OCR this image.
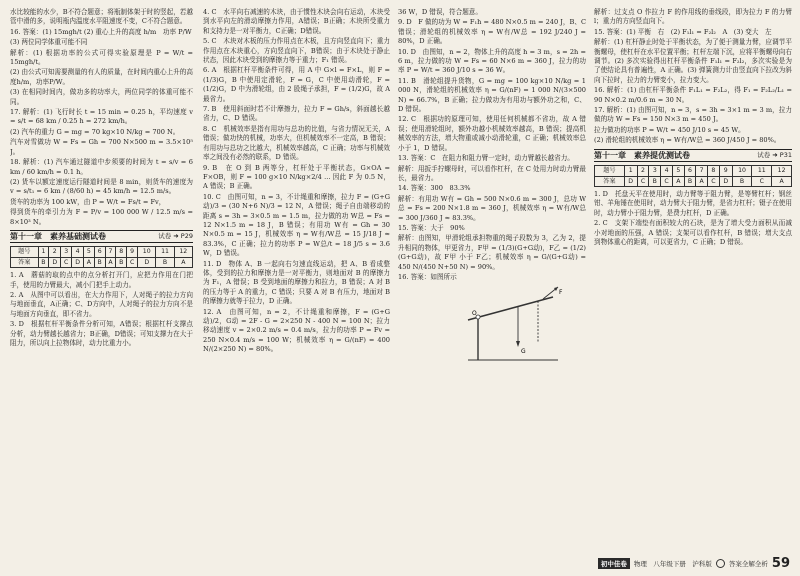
水比较能的水少，B不符合题意；将瓶制体架于时的竖起，若越管中滑的多，说明瓶内温度水平阻速度不变，C不符合题意。

16. 答案：(1) 15mgh/t (2) 重心上升的高度 h/m　功率 P/W

(3) 两位同学体重可能不同

解析：(1) 根据功率的公式可得实验原理是 P = W/t = 15mgh/t。

(2) 由公式可知需要测量的有人的质量，在时间内重心上升的高度h/m，功率P/W。

(3) 在相同时间内，做功多的功率大，两位同学的体重可能不同。

17. 解析：(1) 飞行时长 t = 15 min = 0.25 h，平均速度 v = s/t = 68 km / 0.25 h = 272 km/h。

(2) 汽车的重力 G = mg = 70 kg×10 N/kg = 700 N。

汽车对雪做功 W = Fs = Gh = 700 N×500 m = 3.5×10⁵ J。

18. 解析：(1) 汽车通过隧道中步须要的时间为 t = s/v = 6 km / 60 km/h = 0.1 h。

(2) 货车以额定速度运行隧道时间是 8 min，则货车的速度为 v = s/t₁ = 6 km / (8/60 h) = 45 km/h = 12.5 m/s。

货车的功率为 100 kW，由 P = W/t = Fs/t = Fv，

得到货车的牵引力为 F = P/v = 100 000 W / 12.5 m/s = 8×10³ N。

第十一章　素养基础测试卷	试卷 ➜ P29
题号	1	2	3	4	5	6	7	8	9	10	11	12
答案	B	D	C	D	A	B	A	B	C	D	B	A

1. A　蘑菇的取的点中的点分析打开门，应把力作用在门把手，使用的力臂最大，减小门把手上动力。

2. A　从图中可以看出，在大力作用下，人对绳子的拉力方向与地面垂直，A正确；C、D方向中，人对绳子的拉力方向不是与地面方向垂直，即不省力。

3. D　根据杠杆平衡条件分析可知，A错误；根据杠杆支撑点分析，动力臂越长越省力；B正确，D错误；可知支撑力在大于阻力，所以向上拉物体时，动力比重力小。

4. C　水平向右减速的木块，由于惯性木块会向右运动，木块受到水平向左的滑动摩擦力作用，A错误；B正确；木块所受重力和支持力是一对平衡力，C正确；D错误。

5. C　木块对木板的压力作用点在木板，且方向竖直向下；重力作用点在木块重心，方向竖直向下，B错误；由于木块处于静止状态，因此木块受到的摩擦力等于重力；F₁ 错误。

6. A　根据杠杆平衡条件可得，用 A 中 G×l = F×L，则 F = (1/3)G，B 中使用定滑轮，F = G，C 中使用动滑轮，F = (1/2)G，D 中为滑轮组，由 2 股绳子承担，F = (1/2)G，故 A 最省力。

7. B　使用斜面时若不计摩擦力，拉力 F = Gh/s，斜面越长越省力，C、D 错误。

8. C　机械效率是指有用功与总功的比值，与省力情况无关，A 错误；做功快的机械，功率大，但机械效率不一定高，B 错误；有用功与总功之比越大，机械效率越高，C 正确；功率与机械效率之间没有必然的联系，D 错误。

9. B　在 O 到 B 两等分，杠杆处于平衡状态，G×OA = F×OB，则 F = 100 g×10 N/kg×2/4 ... 因此 F 为 0.5 N，A 错误；B 正确。

10. C　由图可知，n = 3，不计绳重和摩擦，拉力 F = (G+G动)/3 = (30 N+6 N)/3 = 12 N，A 错误；绳子自由端移动的距离 s = 3h = 3×0.5 m = 1.5 m，拉力做的功 W总 = Fs = 12 N×1.5 m = 18 J，B 错误；有用功 W有 = Gh = 30 N×0.5 m = 15 J，机械效率 η = W有/W总 = 15 J/18 J ≈ 83.3%，C 正确；拉力的功率 P = W总/t = 18 J/5 s = 3.6 W，D 错误。

11. D　物体 A、B 一起向右匀速直线运动，把 A、B 看成整体，受到的拉力和摩擦力是一对平衡力，则地面对 B 的摩擦力为 F₁，A 错误；B 受到地面的摩擦力和拉力，B 错误；A 对 B 的压力等于 A 的重力，C 错误；只要 A 对 B 有压力，地面对 B 的摩擦力就等于拉力，D 正确。

12. A　由图可知，n = 2，不计绳重和摩擦，F = (G+G动)/2，G动 = 2F - G = 2×250 N - 400 N = 100 N；拉力移动速度 v = 2×0.2 m/s = 0.4 m/s，拉力的功率 P = Fv = 250 N×0.4 m/s = 100 W；机械效率 η = G/(nF) = 400 N/(2×250 N) = 80%。

36 W，D 错误，符合题意。

9. D　F 做的功为 W = F₁h = 480 N×0.5 m = 240 J，B、C 错误；滑轮组的机械效率 η = W有/W总 = 192 J/240 J = 80%，D 正确。

10. D　由图知，n = 2，物体上升的高度 h = 3 m，s = 2h = 6 m，拉力做的功 W = Fs = 60 N×6 m = 360 J，拉力的功率 P = W/t = 360 J/10 s = 36 W。

11. B　滑轮组提升货物，G = mg = 100 kg×10 N/kg = 1 000 N，滑轮组的机械效率 η = G/(nF) = 1 000 N/(3×500 N) ≈ 66.7%，B 正确；拉力做功为有用功与额外功之和，C、D 错误。

12. C　根据功的原理可知，使用任何机械都不省功，故 A 错误；使用滑轮组时，额外功越小机械效率越高，B 错误；提高机械效率的方法，增大物重或减小动滑轮重，C 正确；机械效率总小于 1，D 错误。

13. 答案：C　在阻力和阻力臂一定时，动力臂越长越省力。

解析：用扳手拧螺母时，可以看作杠杆，在 C 处用力时动力臂最长，最省力。

14. 答案：300　83.3%

解析：有用功 W有 = Gh = 500 N×0.6 m = 300 J，总功 W总 = Fs = 200 N×1.8 m = 360 J，机械效率 η = W有/W总 = 300 J/360 J ≈ 83.3%。

15. 答案：大于　90%

解析：由图知，甲滑轮组承担物重的绳子段数为 3，乙为 2，提升相同的物体，甲更省力，F甲 = (1/3)(G+G动)，F乙 = (1/2)(G+G动)，故 F甲 小于 F乙；机械效率 η = G/(G+G动) = 450 N/(450 N+50 N) = 90%。

16. 答案：如图所示

O
F
G

解析：过支点 O 作拉力 F 的作用线的垂线段，即为拉力 F 的力臂 l；重力的方向竖直向下。

15. 答案：(1) 平衡　右　(2) F₁l₁ = F₂l₂　A　(3) 变大　左

解析：(1) 杠杆静止时处于平衡状态，为了便于测量力臂，应调节平衡螺母，使杠杆在水平位置平衡；杠杆左端下沉，应将平衡螺母向右调节。(2) 多次实验得出杠杆平衡条件 F₁l₁ = F₂l₂，多次实验是为了使结论具有普遍性，A 正确。(3) 弹簧测力计由竖直向下拉改为斜向下拉时，拉力的力臂变小，拉力变大。

16. 解析：(1) 由杠杆平衡条件 F₁L₁ = F₂L₂，得 F₁ = F₂L₂/L₁ = 90 N×0.2 m/0.6 m = 30 N。

17. 解析：(1) 由图可知，n = 3，s = 3h = 3×1 m = 3 m，拉力做的功 W = Fs = 150 N×3 m = 450 J。

拉力做功的功率 P = W/t = 450 J/10 s = 45 W。

(2) 滑轮组的机械效率 η = W有/W总 = 360 J/450 J = 80%。

第十一章　素养提优测试卷	试卷 ➜ P31
题号	1	2	3	4	5	6	7	8	9	10	11	12
答案	D	C	B	C	A	B	A	C	D	B	C	A

1. D　托盘天平在使用时，动力臂等于阻力臂，是等臂杠杆；钢丝钳、羊角锤在使用时，动力臂大于阻力臂，是省力杠杆；镊子在使用时，动力臂小于阻力臂，是费力杠杆，D 正确。

2. C　支架下端垫有面积较大的石块，是为了增大受力面积从而减小对地面的压强，A 错误；支架可以看作杠杆，B 错误；增大支点到物体重心的距离，可以更省力，C 正确；D 错误。

初中佳卷	物理　八年级下册　沪科版	答案全解全析 59
